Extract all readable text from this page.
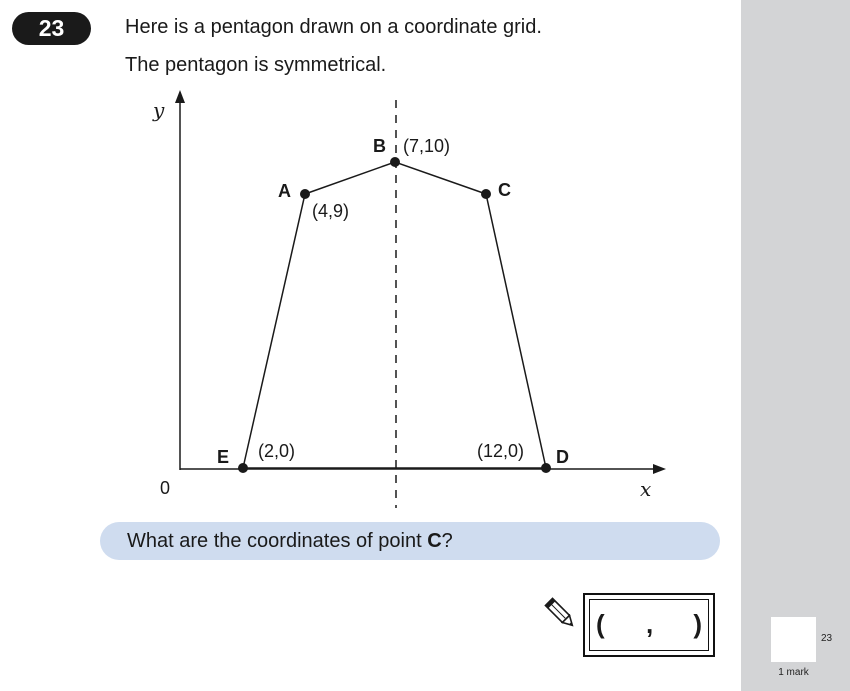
23
1 mark
23	Here is a pentagon drawn on a coordinate grid.
The pentagon is symmetrical.
y
x
0
A
B
C
D
E
(4,9)
(7,10)
(12,0)
(2,0)
What are the coordinates of point C?
( , )
